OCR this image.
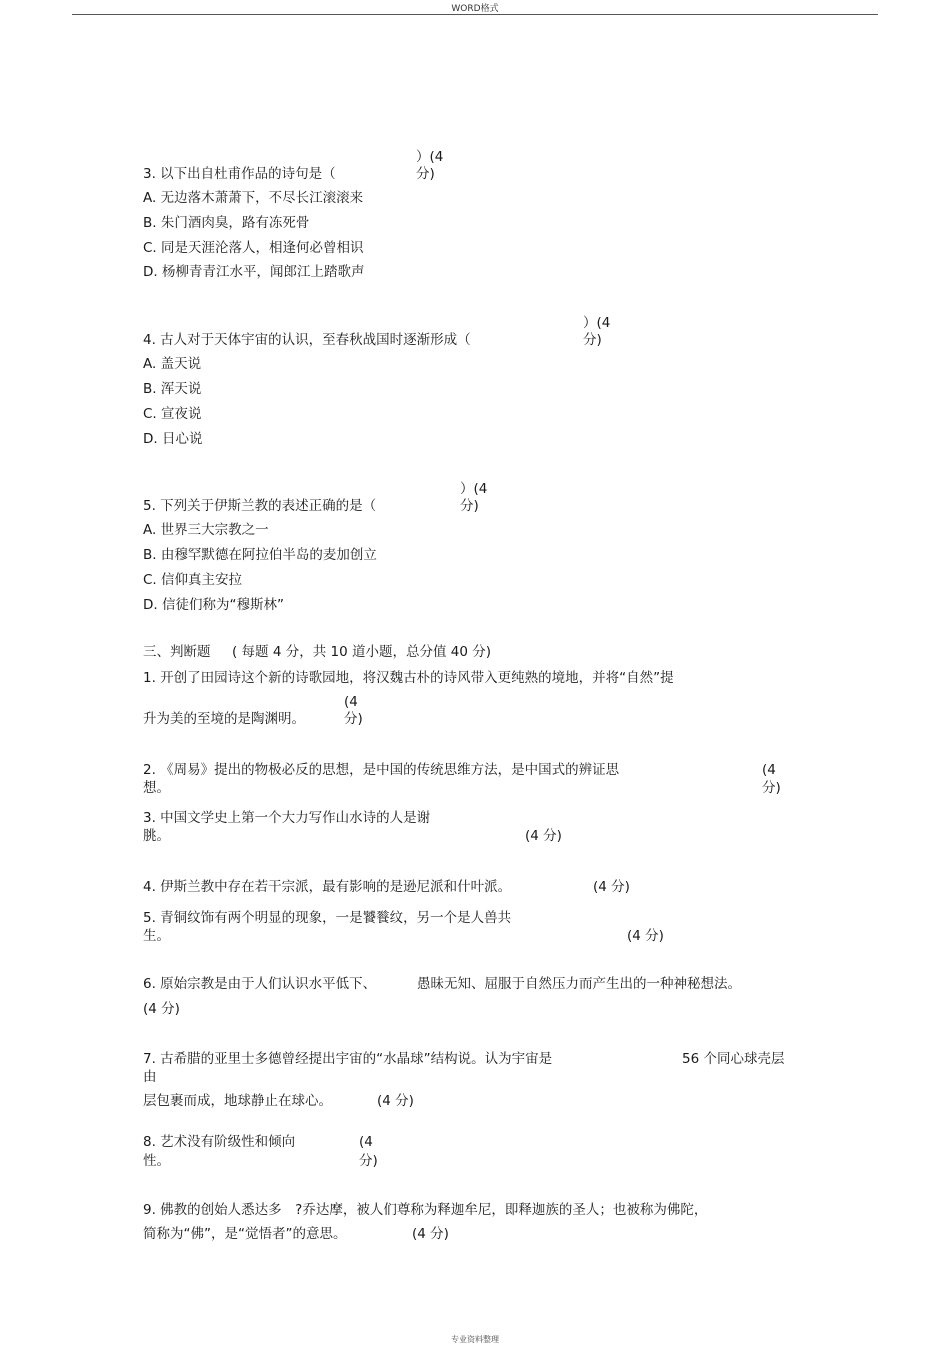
WORD格式
）(4
3. 以下出自杜甫作品的诗句是（	分)
A. 无边落木萧萧下，不尽长江滚滚来
B. 朱门酒肉臭，路有冻死骨
C. 同是天涯沦落人，相逢何必曾相识
D. 杨柳青青江水平，闻郎江上踏歌声
）(4
4. 古人对于天体宇宙的认识，至春秋战国时逐渐形成（	分)
A. 盖天说
B. 浑天说
C. 宣夜说
D. 日心说
）(4
5. 下列关于伊斯兰教的表述正确的是（	分)
A. 世界三大宗教之一
B. 由穆罕默德在阿拉伯半岛的麦加创立
C. 信仰真主安拉
D. 信徒们称为“穆斯林”
三、判断题 ( 每题 4 分，共 10 道小题，总分值 40 分)
1. 开创了田园诗这个新的诗歌园地，将汉魏古朴的诗风带入更纯熟的境地，并将“自然”提
(4
升为美的至境的是陶渊明。	分)
2. 《周易》提出的物极必反的思想，是中国的传统思维方法，是中国式的辨证思	(4
想。	分)
3. 中国文学史上第一个大力写作山水诗的人是谢
朓。	(4 分)
4. 伊斯兰教中存在若干宗派，最有影响的是逊尼派和什叶派。	(4 分)
5. 青铜纹饰有两个明显的现象，一是饕餮纹，另一个是人兽共
生。	(4 分)
6. 原始宗教是由于人们认识水平低下、	愚昧无知、屈服于自然压力而产生出的一种神秘想法。
(4 分)
7. 古希腊的亚里士多德曾经提出宇宙的“水晶球”结构说。认为宇宙是	56 个同心球壳层
由
层包裹而成，地球静止在球心。	(4 分)
8. 艺术没有阶级性和倾向	(4
性。	分)
9. 佛教的创始人悉达多　?乔达摩，被人们尊称为释迦牟尼，即释迦族的圣人；也被称为佛陀，
简称为“佛”，是“觉悟者”的意思。	(4 分)
专业资料整理
